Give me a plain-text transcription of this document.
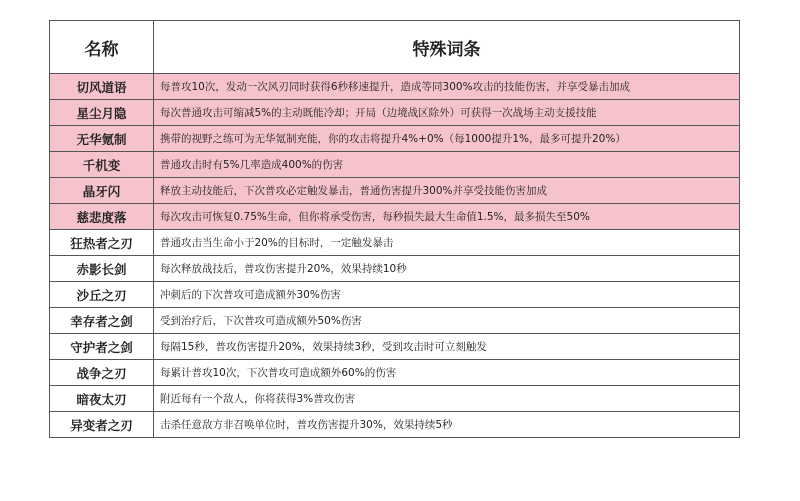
名称	特殊词条
切风道语	每普攻10次，发动一次风刃同时获得6秒移速提升，造成等同300%攻击的技能伤害，并享受暴击加成
星尘月隐	每次普通攻击可缩减5%的主动既能冷却；开局（边境战区除外）可获得一次战场主动支援技能
无华氪制	携带的视野之练可为无华氪制充能，你的攻击将提升4%+0%（每1000提升1%，最多可提升20%）
千机变	普通攻击时有5%几率造成400%的伤害
晶牙闪	释放主动技能后，下次普攻必定触发暴击，普通伤害提升300%并享受技能伤害加成
慈悲度落	每次攻击可恢复0.75%生命，但你将承受伤害，每秒损失最大生命值1.5%，最多损失至50%
狂热者之刃	普通攻击当生命小于20%的目标时，一定触发暴击
赤影长剑	每次释放战技后，普攻伤害提升20%，效果持续10秒
沙丘之刃	冲刺后的下次普攻可造成额外30%伤害
幸存者之剑	受到治疗后，下次普攻可造成额外50%伤害
守护者之剑	每隔15秒，普攻伤害提升20%，效果持续3秒，受到攻击时可立刻触发
战争之刃	每累计普攻10次，下次普攻可造成额外60%的伤害
暗夜太刃	附近每有一个敌人，你将获得3%普攻伤害
异变者之刃	击杀任意敌方非召唤单位时，普攻伤害提升30%，效果持续5秒
